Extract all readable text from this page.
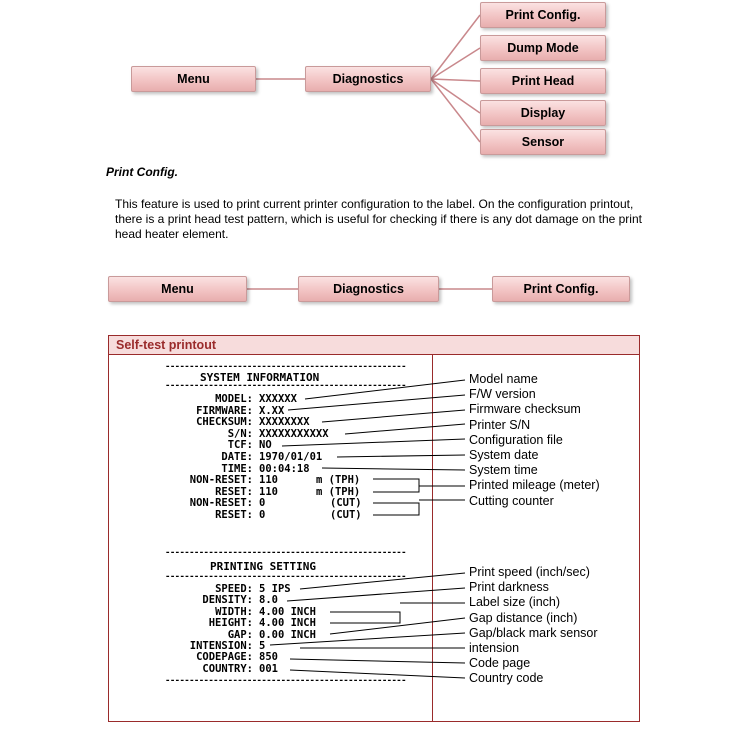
Menu	Diagnostics
Print Config.
Dump Mode
Print Head
Display
Sensor
Print Config.
This feature is used to print current printer configuration to the label. On the configuration printout, there is a print head test pattern, which is useful for checking if there is any dot damage on the print head heater element.
Menu	Diagnostics	Print Config.
Self-test printout
--------------------------------------------------
SYSTEM INFORMATION
--------------------------------------------------
MODEL: XXXXXX
FIRMWARE: X.XX
CHECKSUM: XXXXXXXX
S/N: XXXXXXXXXXX
TCF: NO
DATE: 1970/01/01
TIME: 00:04:18
NON-RESET: 110	m (TPH)
RESET: 110	m (TPH)
NON-RESET: 0	(CUT)
RESET: 0	(CUT)
--------------------------------------------------
PRINTING SETTING
--------------------------------------------------
SPEED: 5 IPS
DENSITY: 8.0
WIDTH: 4.00 INCH
HEIGHT: 4.00 INCH
GAP: 0.00 INCH
INTENSION: 5
CODEPAGE: 850
COUNTRY: 001
--------------------------------------------------
Model name
F/W version
Firmware checksum
Printer S/N
Configuration file
System date
System time
Printed mileage (meter)
Cutting counter
Print speed (inch/sec)
Print darkness
Label size (inch)
Gap distance (inch)
Gap/black mark sensor
intension
Code page
Country code
